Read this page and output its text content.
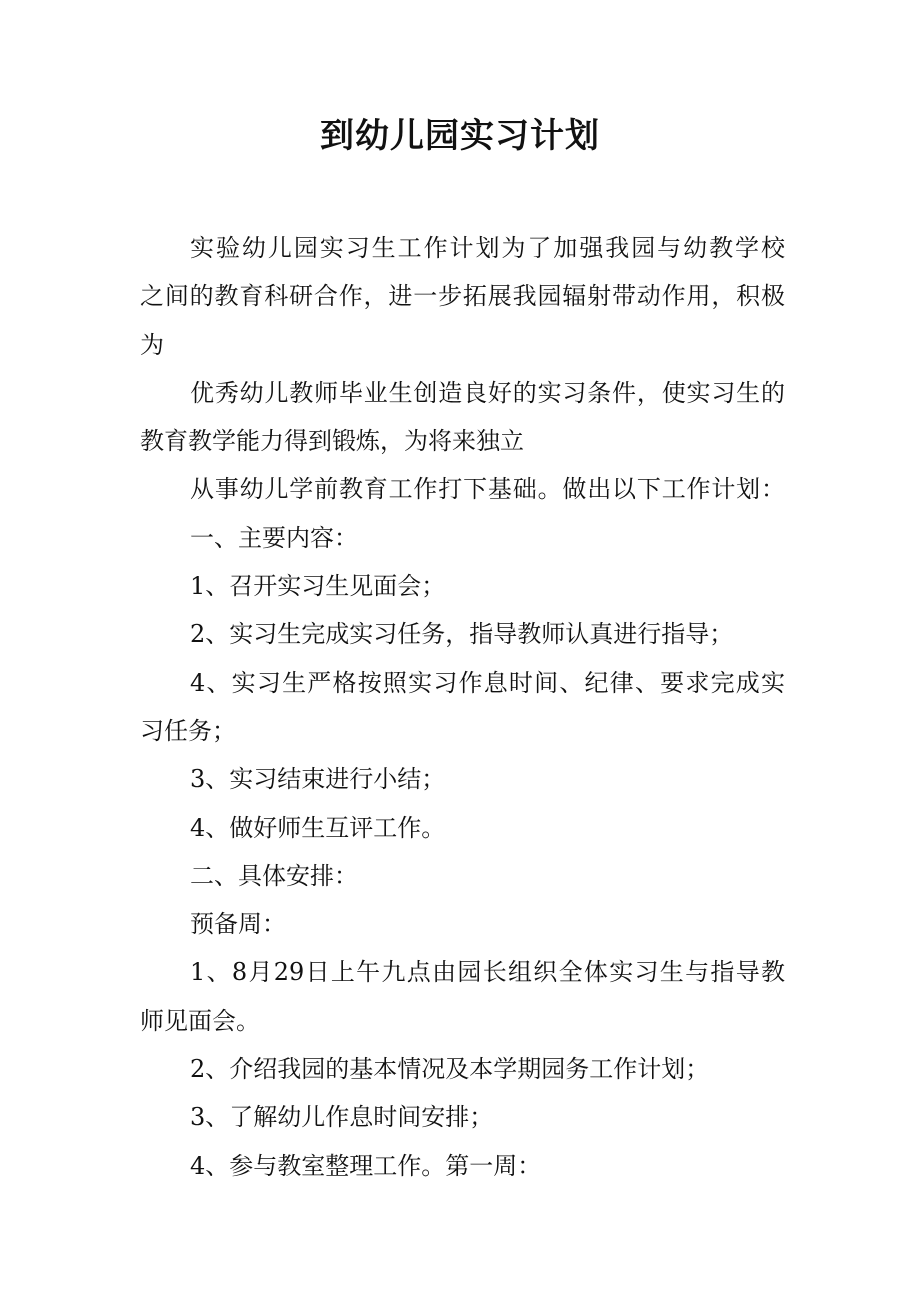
到幼儿园实习计划
实验幼儿园实习生工作计划为了加强我园与幼教学校
之间的教育科研合作，进一步拓展我园辐射带动作用，积极
为
优秀幼儿教师毕业生创造良好的实习条件，使实习生的
教育教学能力得到锻炼，为将来独立
从事幼儿学前教育工作打下基础。做出以下工作计划：
一、主要内容：
1、召开实习生见面会；
2、实习生完成实习任务，指导教师认真进行指导；
4、实习生严格按照实习作息时间、纪律、要求完成实
习任务；
3、实习结束进行小结；
4、做好师生互评工作。
二、具体安排：
预备周：
1、8月29日上午九点由园长组织全体实习生与指导教
师见面会。
2、介绍我园的基本情况及本学期园务工作计划；
3、了解幼儿作息时间安排；
4、参与教室整理工作。第一周：
